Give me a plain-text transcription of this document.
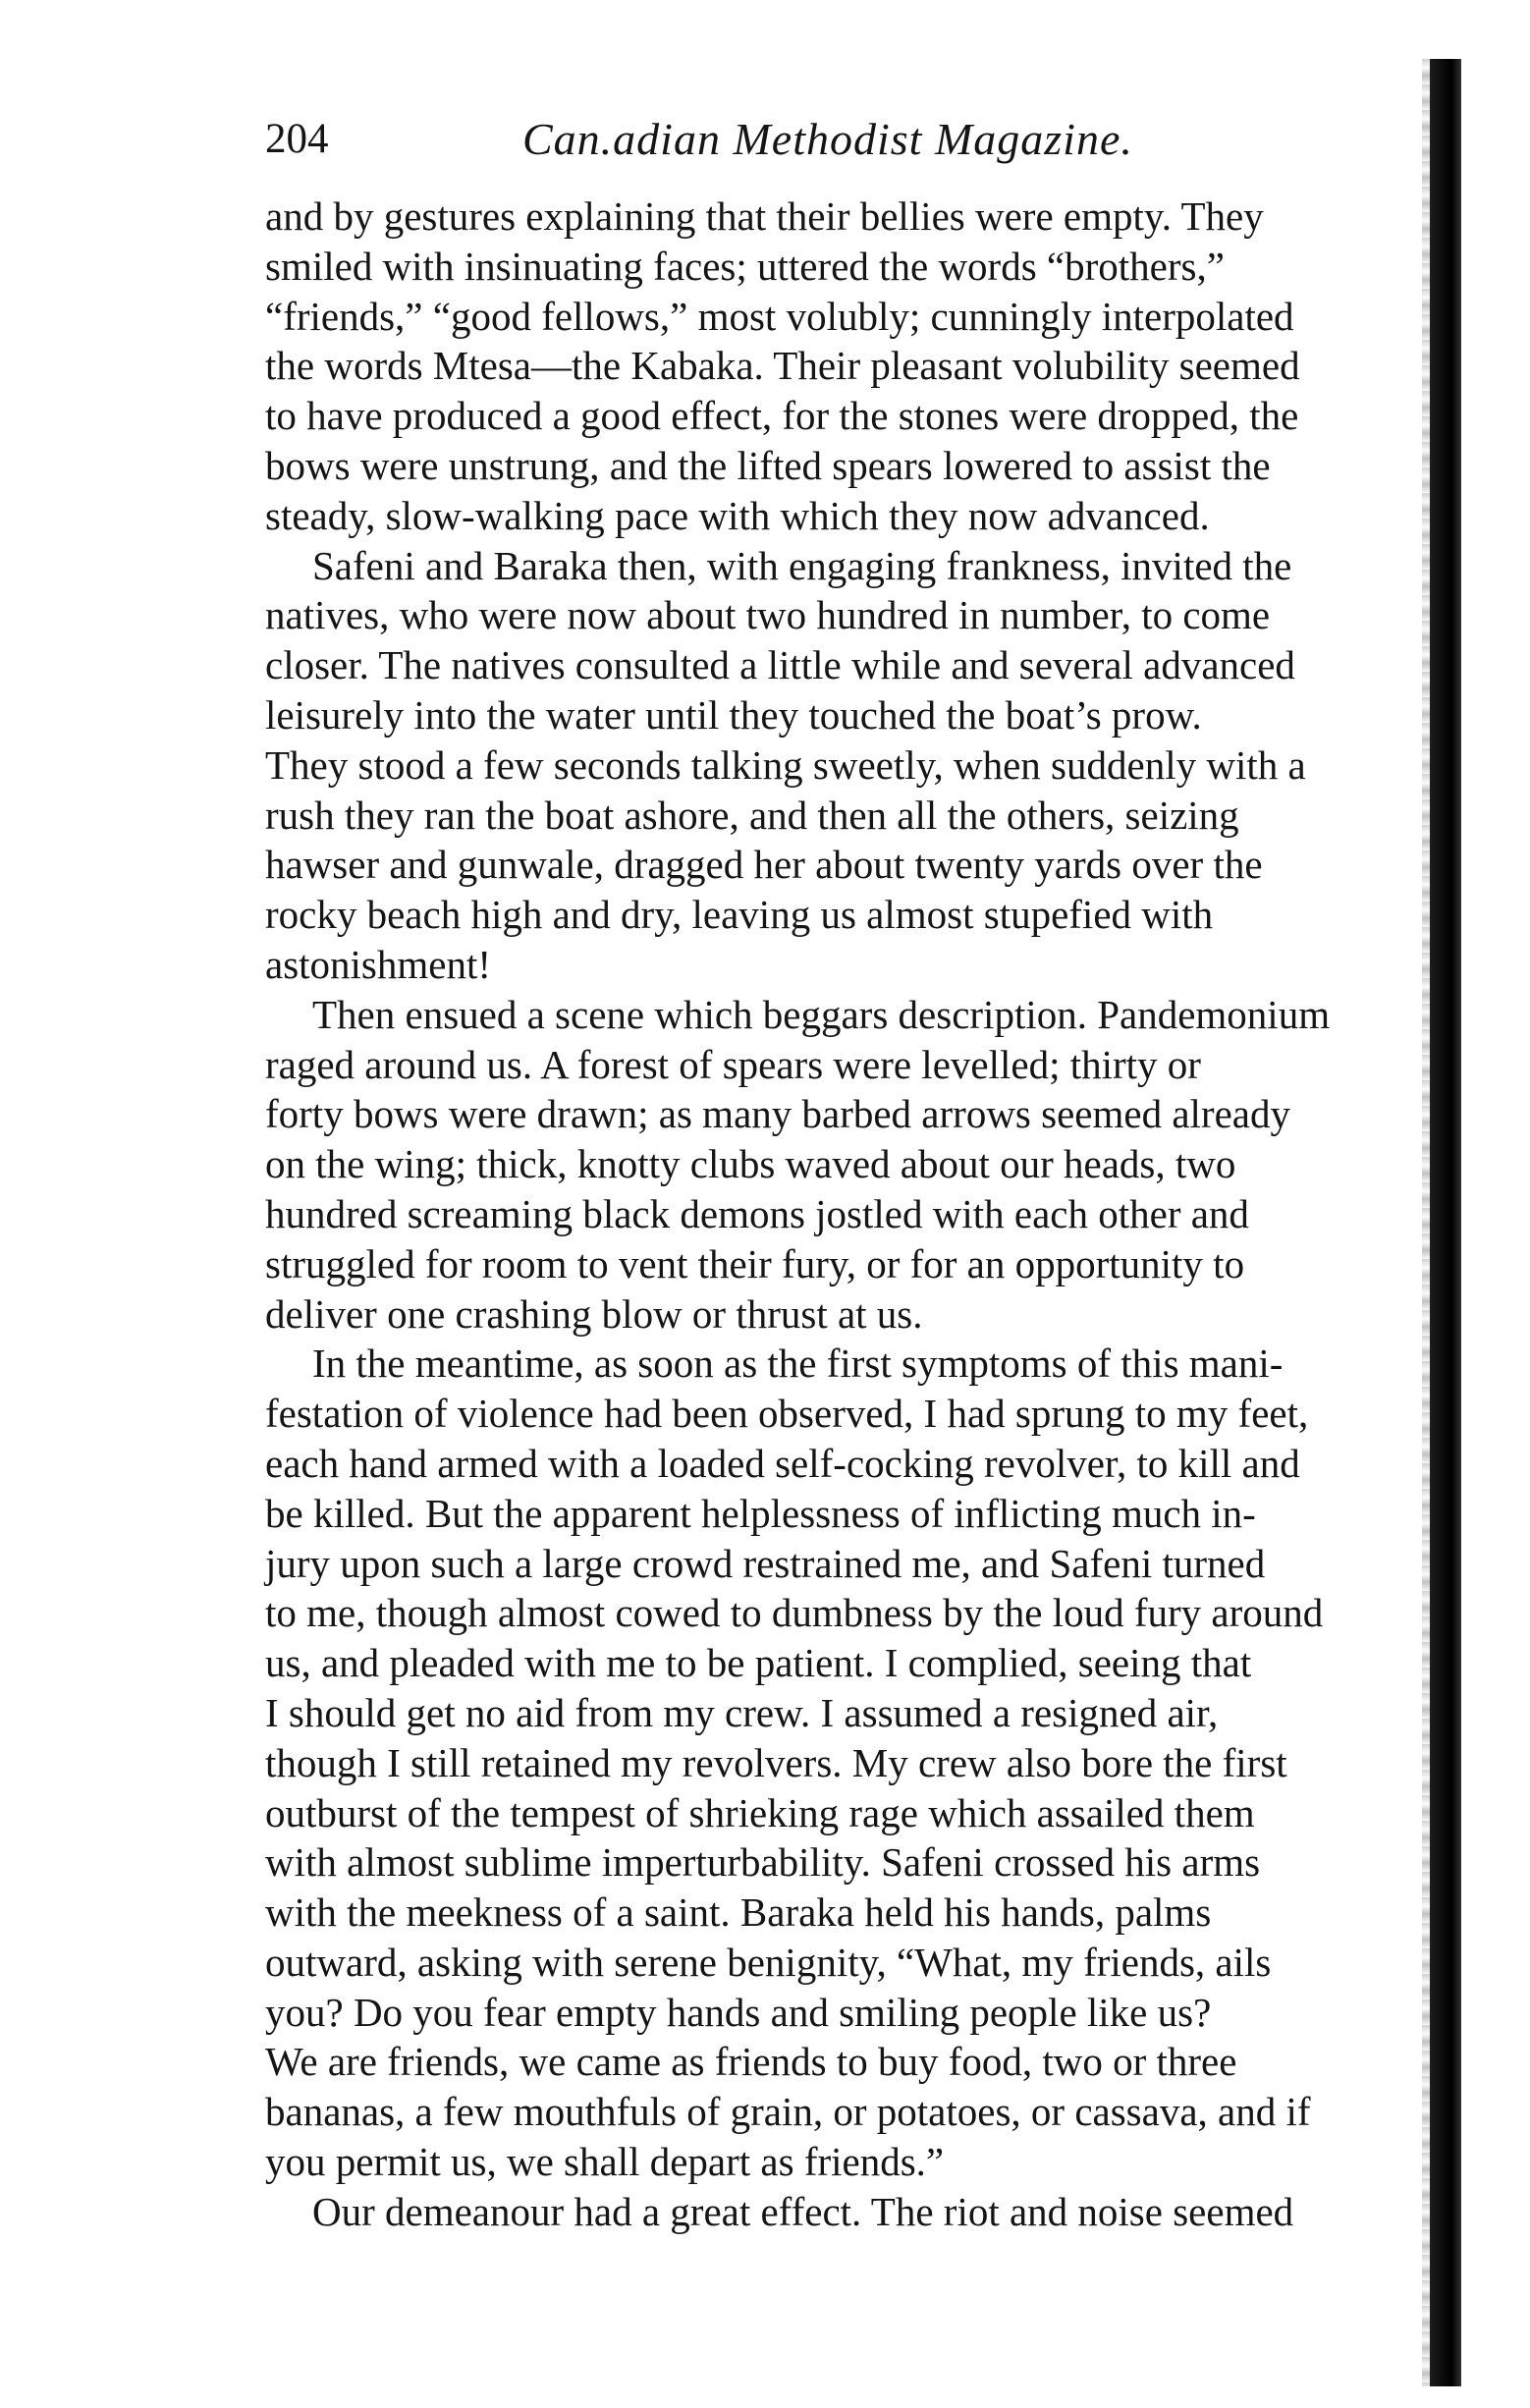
204	Can.adian Methodist Magazine.
and by gestures explaining that their bellies were empty. They
smiled with insinuating faces; uttered the words “brothers,”
“friends,” “good fellows,” most volubly; cunningly interpolated
the words Mtesa—the Kabaka. Their pleasant volubility seemed
to have produced a good effect, for the stones were dropped, the
bows were unstrung, and the lifted spears lowered to assist the
steady, slow-walking pace with which they now advanced.
Safeni and Baraka then, with engaging frankness, invited the
natives, who were now about two hundred in number, to come
closer. The natives consulted a little while and several advanced
leisurely into the water until they touched the boat’s prow.
They stood a few seconds talking sweetly, when suddenly with a
rush they ran the boat ashore, and then all the others, seizing
hawser and gunwale, dragged her about twenty yards over the
rocky beach high and dry, leaving us almost stupefied with
astonishment!
Then ensued a scene which beggars description. Pandemonium
raged around us. A forest of spears were levelled; thirty or
forty bows were drawn; as many barbed arrows seemed already
on the wing; thick, knotty clubs waved about our heads, two
hundred screaming black demons jostled with each other and
struggled for room to vent their fury, or for an opportunity to
deliver one crashing blow or thrust at us.
In the meantime, as soon as the first symptoms of this mani-
festation of violence had been observed, I had sprung to my feet,
each hand armed with a loaded self-cocking revolver, to kill and
be killed. But the apparent helplessness of inflicting much in-
jury upon such a large crowd restrained me, and Safeni turned
to me, though almost cowed to dumbness by the loud fury around
us, and pleaded with me to be patient. I complied, seeing that
I should get no aid from my crew. I assumed a resigned air,
though I still retained my revolvers. My crew also bore the first
outburst of the tempest of shrieking rage which assailed them
with almost sublime imperturbability. Safeni crossed his arms
with the meekness of a saint. Baraka held his hands, palms
outward, asking with serene benignity, “What, my friends, ails
you? Do you fear empty hands and smiling people like us?
We are friends, we came as friends to buy food, two or three
bananas, a few mouthfuls of grain, or potatoes, or cassava, and if
you permit us, we shall depart as friends.”
Our demeanour had a great effect. The riot and noise seemed
